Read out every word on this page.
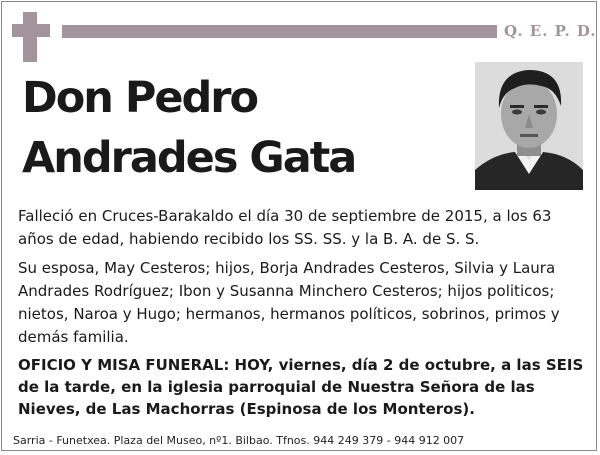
Q. E. P. D.
Don Pedro
Andrades Gata
Falleció en Cruces-Barakaldo el día 30 de septiembre de 2015, a los 63 años de edad, habiendo recibido los SS. SS. y la B. A. de S. S.
Su esposa, May Cesteros; hijos, Borja Andrades Cesteros, Silvia y Laura Andrades Rodríguez; Ibon y Susanna Minchero Cesteros; hijos politicos; nietos, Naroa y Hugo; hermanos, hermanos políticos, sobrinos, primos y demás familia.
OFICIO Y MISA FUNERAL: HOY, viernes, día 2 de octubre, a las SEIS de la tarde, en la iglesia parroquial de Nuestra Señora de las Nieves, de Las Machorras (Espinosa de los Monteros).
Sarria - Funetxea. Plaza del Museo, nº1. Bilbao. Tfnos. 944 249 379 - 944 912 007
